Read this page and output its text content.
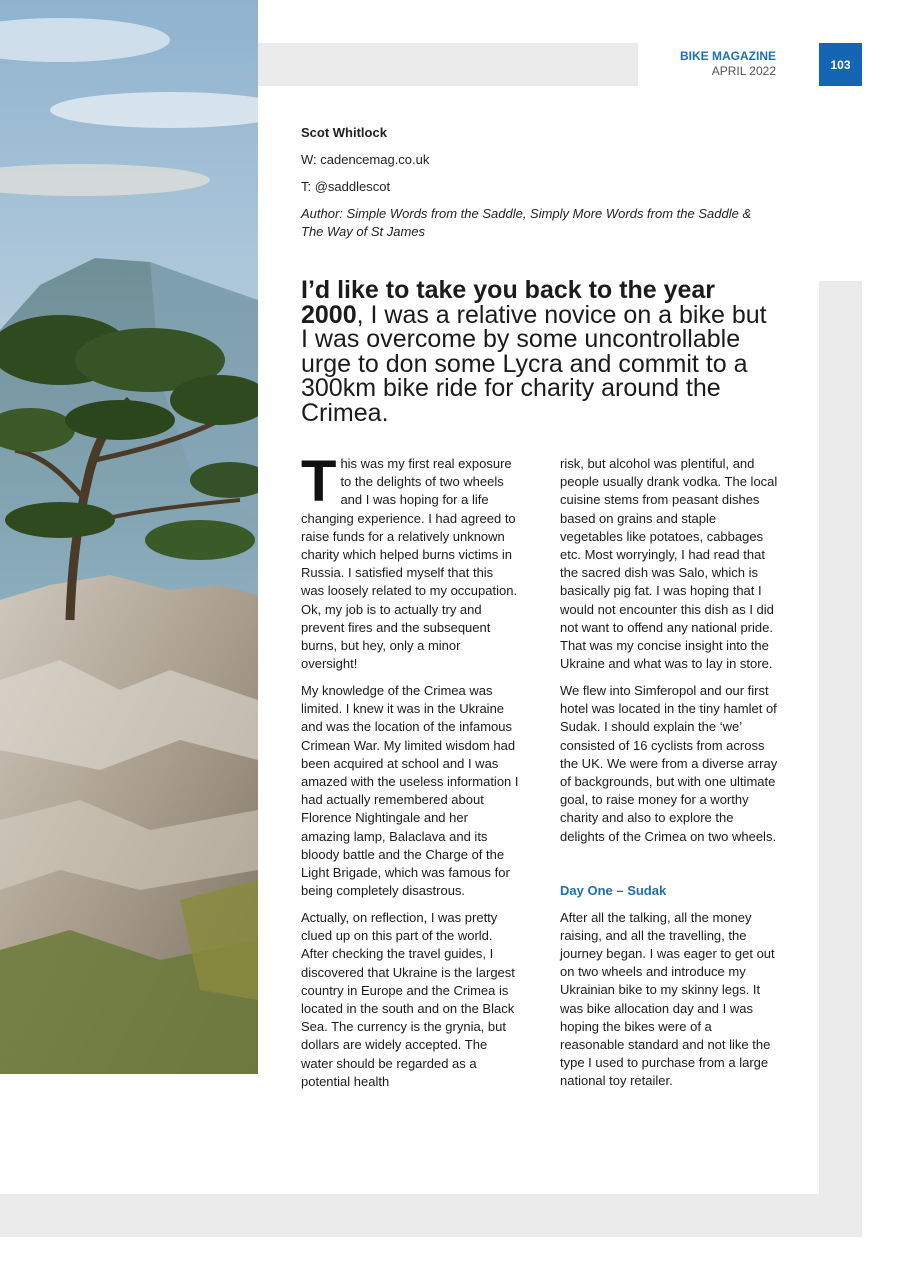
BIKE MAGAZINE
APRIL 2022	103
Scot Whitlock
W: cadencemag.co.uk
T: @saddlescot
Author: Simple Words from the Saddle, Simply More Words from the Saddle & The Way of St James
I’d like to take you back to the year 2000, I was a relative novice on a bike but I was overcome by some uncontrollable urge to don some Lycra and commit to a 300km bike ride for charity around the Crimea.

This was my first real exposure to the delights of two wheels and I was hoping for a life changing experience. I had agreed to raise funds for a relatively unknown charity which helped burns victims in Russia. I satisfied myself that this was loosely related to my occupation. Ok, my job is to actually try and prevent fires and the subsequent burns, but hey, only a minor oversight!

My knowledge of the Crimea was limited. I knew it was in the Ukraine and was the location of the infamous Crimean War. My limited wisdom had been acquired at school and I was amazed with the useless information I had actually remembered about Florence Nightingale and her amazing lamp, Balaclava and its bloody battle and the Charge of the Light Brigade, which was famous for being completely disastrous.

Actually, on reflection, I was pretty clued up on this part of the world. After checking the travel guides, I discovered that Ukraine is the largest country in Europe and the Crimea is located in the south and on the Black Sea. The currency is the grynia, but dollars are widely accepted. The water should be regarded as a potential health

risk, but alcohol was plentiful, and people usually drank vodka. The local cuisine stems from peasant dishes based on grains and staple vegetables like potatoes, cabbages etc. Most worryingly, I had read that the sacred dish was Salo, which is basically pig fat. I was hoping that I would not encounter this dish as I did not want to offend any national pride. That was my concise insight into the Ukraine and what was to lay in store.

We flew into Simferopol and our first hotel was located in the tiny hamlet of Sudak. I should explain the ‘we’ consisted of 16 cyclists from across the UK. We were from a diverse array of backgrounds, but with one ultimate goal, to raise money for a worthy charity and also to explore the delights of the Crimea on two wheels.

Day One – Sudak

After all the talking, all the money raising, and all the travelling, the journey began. I was eager to get out on two wheels and introduce my Ukrainian bike to my skinny legs. It was bike allocation day and I was hoping the bikes were of a reasonable standard and not like the type I used to purchase from a large national toy retailer.
